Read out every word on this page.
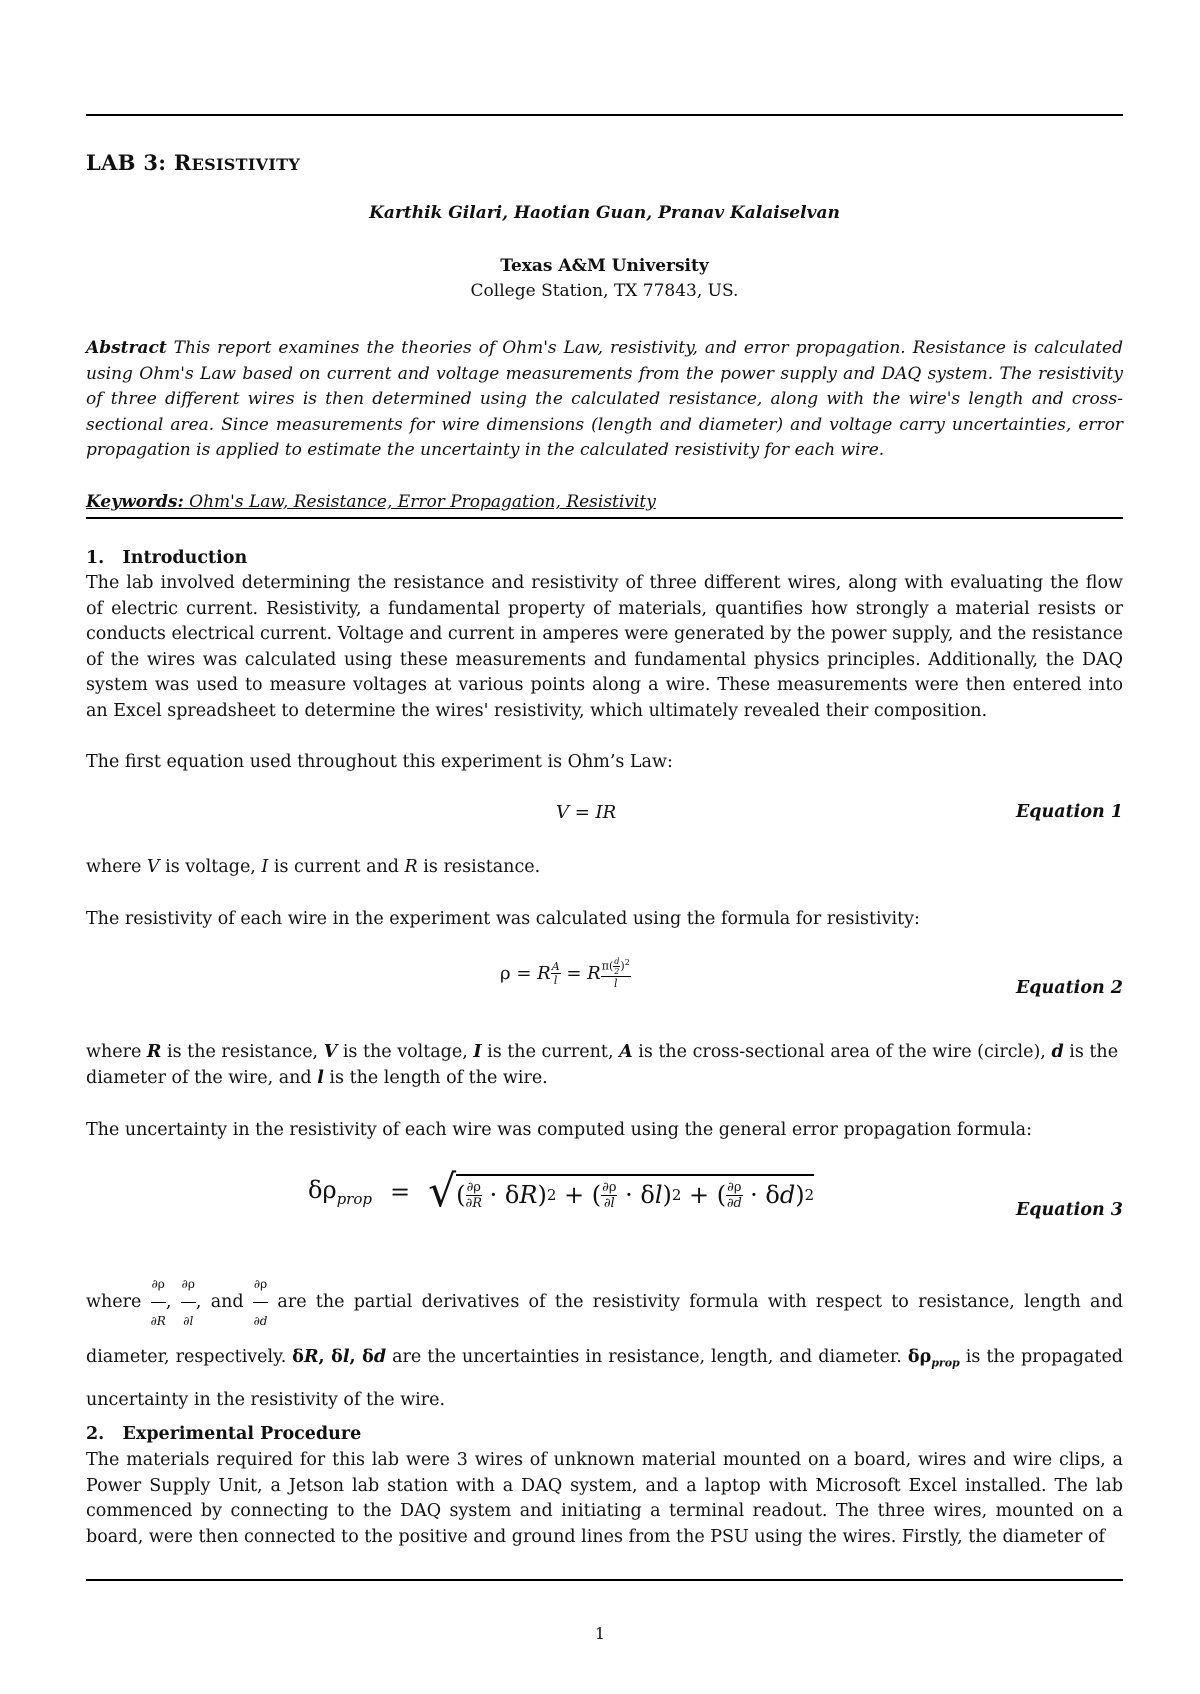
LAB 3: RESISTIVITY
Karthik Gilari, Haotian Guan, Pranav Kalaiselvan
Texas A&M University
College Station, TX 77843, US.

Abstract This report examines the theories of Ohm's Law, resistivity, and error propagation. Resistance is calculated using Ohm's Law based on current and voltage measurements from the power supply and DAQ system. The resistivity of three different wires is then determined using the calculated resistance, along with the wire's length and cross-sectional area. Since measurements for wire dimensions (length and diameter) and voltage carry uncertainties, error propagation is applied to estimate the uncertainty in the calculated resistivity for each wire.

Keywords: Ohm's Law, Resistance, Error Propagation, Resistivity
1.   Introduction

The lab involved determining the resistance and resistivity of three different wires, along with evaluating the flow of electric current. Resistivity, a fundamental property of materials, quantifies how strongly a material resists or conducts electrical current. Voltage and current in amperes were generated by the power supply, and the resistance of the wires was calculated using these measurements and fundamental physics principles. Additionally, the DAQ system was used to measure voltages at various points along a wire. These measurements were then entered into an Excel spreadsheet to determine the wires' resistivity, which ultimately revealed their composition.

The first equation used throughout this experiment is Ohm’s Law:

V = IR	Equation 1

where V is voltage, I is current and R is resistance.

The resistivity of each wire in the experiment was calculated using the formula for resistivity:

ρ = R $\frac{A}{l} = R \frac{\pi( \frac{d}{2} )^2}{l}$	Equation 2

where R is the resistance, V is the voltage, I is the current, A is the cross-sectional area of the wire (circle), d is the diameter of the wire, and l is the length of the wire.

The uncertainty in the resistivity of each wire was computed using the general error propagation formula:

$\delta\rho_{prop}$ = √ ( $\frac{\partial\rho}{\partial R} \cdot \delta$ R ) 2 + ( $\frac{\partial\rho}{\partial l} \cdot \delta$ l ) 2 + ( $\frac{\partial\rho}{\partial d} \cdot \delta$ d ) 2
Equation 3

where $\frac{\partial\rho}{\partial R}$ , $\frac{\partial\rho}{\partial l}$ , and $\frac{\partial\rho}{\partial d}$ are the partial derivatives of the resistivity formula with respect to resistance, length and diameter, respectively. δR, δl, δd are the uncertainties in resistance, length, and diameter. $\delta\rho_{prop}$ is the propagated uncertainty in the resistivity of the wire.

2.   Experimental Procedure

The materials required for this lab were 3 wires of unknown material mounted on a board, wires and wire clips, a Power Supply Unit, a Jetson lab station with a DAQ system, and a laptop with Microsoft Excel installed. The lab commenced by connecting to the DAQ system and initiating a terminal readout. The three wires, mounted on a board, were then connected to the positive and ground lines from the PSU using the wires. Firstly, the diameter of

1
